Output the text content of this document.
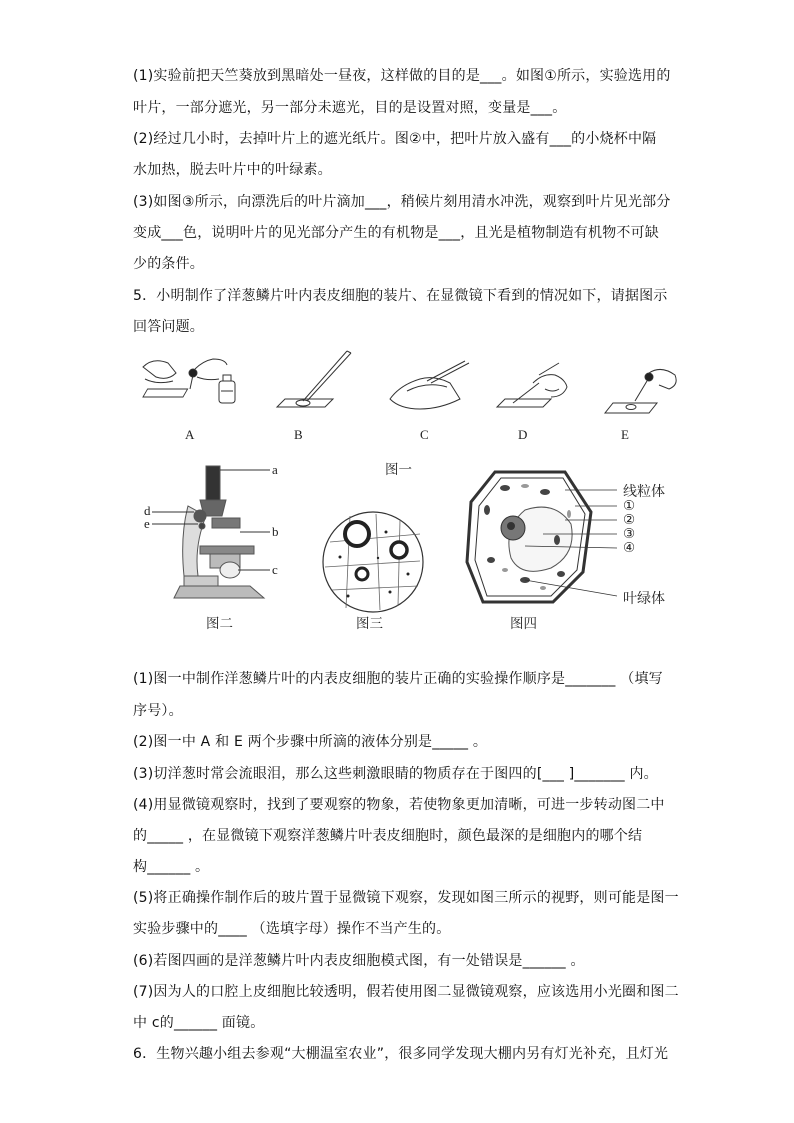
(1)实验前把天竺葵放到黑暗处一昼夜，这样做的目的是___。如图①所示，实验选用的
叶片，一部分遮光，另一部分未遮光，目的是设置对照，变量是___。
(2)经过几小时，去掉叶片上的遮光纸片。图②中，把叶片放入盛有___的小烧杯中隔
水加热，脱去叶片中的叶绿素。
(3)如图③所示，向漂洗后的叶片滴加___，稍候片刻用清水冲洗，观察到叶片见光部分
变成___色，说明叶片的见光部分产生的有机物是___，且光是植物制造有机物不可缺
少的条件。
5．小明制作了洋葱鳞片叶内表皮细胞的装片、在显微镜下看到的情况如下，请据图示
回答问题。
A	B	C	D	E
图一
a
b
c
d
e
图二	图三
线粒体
①
②
③
④
叶绿体
图四
(1)图一中制作洋葱鳞片叶的内表皮细胞的装片正确的实验操作顺序是_______ （填写
序号）。
(2)图一中 A 和 E 两个步骤中所滴的液体分别是_____ 。
(3)切洋葱时常会流眼泪，那么这些刺激眼睛的物质存在于图四的[___ ]_______ 内。
(4)用显微镜观察时，找到了要观察的物象，若使物象更加清晰，可进一步转动图二中
的_____ ，在显微镜下观察洋葱鳞片叶表皮细胞时，颜色最深的是细胞内的哪个结
构______ 。
(5)将正确操作制作后的玻片置于显微镜下观察，发现如图三所示的视野，则可能是图一
实验步骤中的____ （选填字母）操作不当产生的。
(6)若图四画的是洋葱鳞片叶内表皮细胞模式图，有一处错误是______ 。
(7)因为人的口腔上皮细胞比较透明，假若使用图二显微镜观察，应该选用小光圈和图二
中 c的______ 面镜。
6．生物兴趣小组去参观“大棚温室农业”，很多同学发现大棚内另有灯光补充，且灯光
